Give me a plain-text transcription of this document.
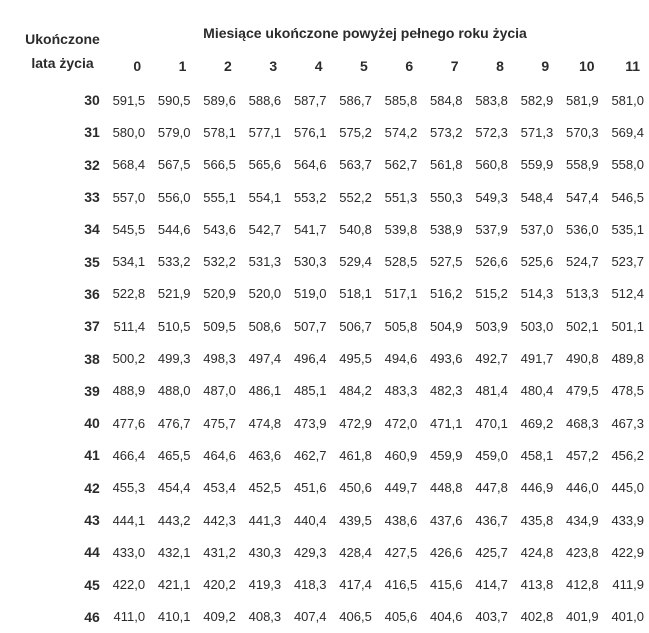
Ukończone
lata życia
Miesiące ukończone powyżej pełnego roku życia
	0	1	2	3	4	5	6	7	8	9	10	11
30	591,5	590,5	589,6	588,6	587,7	586,7	585,8	584,8	583,8	582,9	581,9	581,0
31	580,0	579,0	578,1	577,1	576,1	575,2	574,2	573,2	572,3	571,3	570,3	569,4
32	568,4	567,5	566,5	565,6	564,6	563,7	562,7	561,8	560,8	559,9	558,9	558,0
33	557,0	556,0	555,1	554,1	553,2	552,2	551,3	550,3	549,3	548,4	547,4	546,5
34	545,5	544,6	543,6	542,7	541,7	540,8	539,8	538,9	537,9	537,0	536,0	535,1
35	534,1	533,2	532,2	531,3	530,3	529,4	528,5	527,5	526,6	525,6	524,7	523,7
36	522,8	521,9	520,9	520,0	519,0	518,1	517,1	516,2	515,2	514,3	513,3	512,4
37	511,4	510,5	509,5	508,6	507,7	506,7	505,8	504,9	503,9	503,0	502,1	501,1
38	500,2	499,3	498,3	497,4	496,4	495,5	494,6	493,6	492,7	491,7	490,8	489,8
39	488,9	488,0	487,0	486,1	485,1	484,2	483,3	482,3	481,4	480,4	479,5	478,5
40	477,6	476,7	475,7	474,8	473,9	472,9	472,0	471,1	470,1	469,2	468,3	467,3
41	466,4	465,5	464,6	463,6	462,7	461,8	460,9	459,9	459,0	458,1	457,2	456,2
42	455,3	454,4	453,4	452,5	451,6	450,6	449,7	448,8	447,8	446,9	446,0	445,0
43	444,1	443,2	442,3	441,3	440,4	439,5	438,6	437,6	436,7	435,8	434,9	433,9
44	433,0	432,1	431,2	430,3	429,3	428,4	427,5	426,6	425,7	424,8	423,8	422,9
45	422,0	421,1	420,2	419,3	418,3	417,4	416,5	415,6	414,7	413,8	412,8	411,9
46	411,0	410,1	409,2	408,3	407,4	406,5	405,6	404,6	403,7	402,8	401,9	401,0
